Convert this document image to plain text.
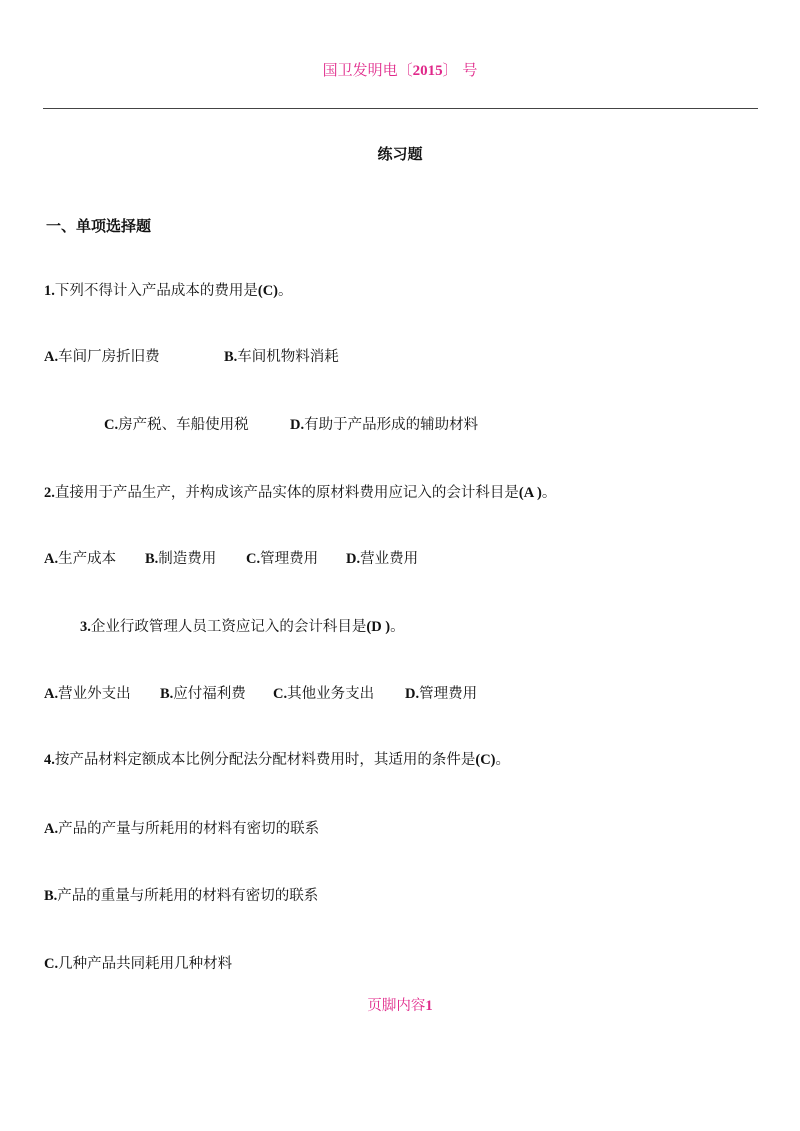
国卫发明电〔2015〕 号
练习题
一、单项选择题
1.下列不得计入产品成本的费用是(C)。
A.车间厂房折旧费	B.车间机物料消耗
C.房产税、车船使用税	D.有助于产品形成的辅助材料
2.直接用于产品生产，并构成该产品实体的原材料费用应记入的会计科目是(A )。
A.生产成本 B.制造费用 C.管理费用 D.营业费用
3.企业行政管理人员工资应记入的会计科目是(D )。
A.营业外支出 B.应付福利费 C.其他业务支出 D.管理费用
4.按产品材料定额成本比例分配法分配材料费用时，其适用的条件是(C)。
A.产品的产量与所耗用的材料有密切的联系
B.产品的重量与所耗用的材料有密切的联系
C.几种产品共同耗用几种材料
页脚内容1
